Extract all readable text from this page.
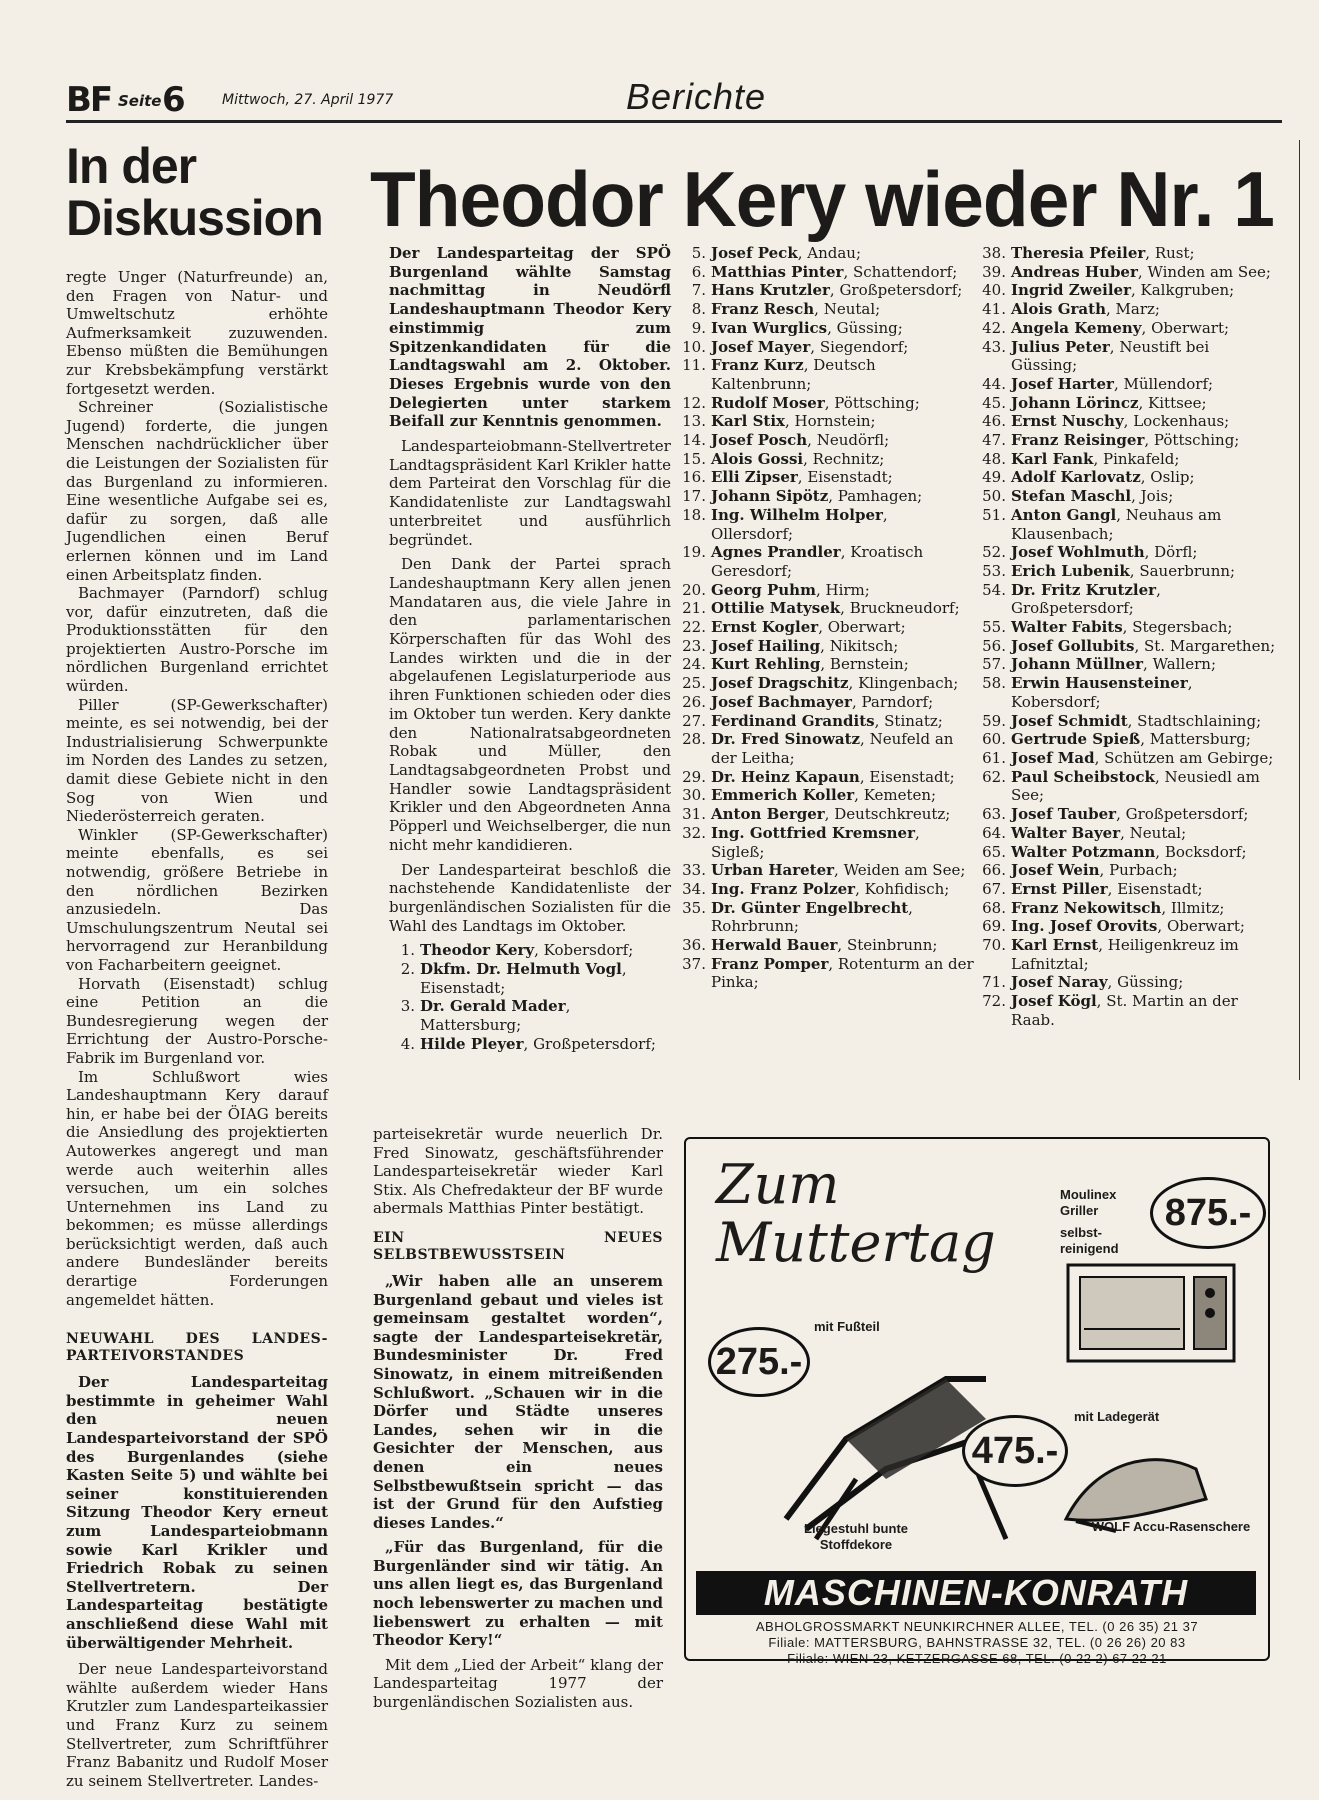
BF Seite 6	Mittwoch, 27. April 1977	Berichte
In der Diskussion

regte Unger (Naturfreunde) an, den Fragen von Natur- und Umweltschutz erhöhte Aufmerksamkeit zuzuwenden. Ebenso müßten die Bemühungen zur Krebsbekämpfung verstärkt fortgesetzt werden.

Schreiner (Sozialistische Jugend) forderte, die jungen Menschen nachdrücklicher über die Leistungen der Sozialisten für das Burgenland zu informieren. Eine wesentliche Aufgabe sei es, dafür zu sorgen, daß alle Jugendlichen einen Beruf erlernen können und im Land einen Arbeitsplatz finden.

Bachmayer (Parndorf) schlug vor, dafür einzutreten, daß die Produktionsstätten für den projektierten Austro-Porsche im nördlichen Burgenland errichtet würden.

Piller (SP-Gewerkschafter) meinte, es sei notwendig, bei der Industrialisierung Schwerpunkte im Norden des Landes zu setzen, damit diese Gebiete nicht in den Sog von Wien und Niederösterreich geraten.

Winkler (SP-Gewerkschafter) meinte ebenfalls, es sei notwendig, größere Betriebe in den nördlichen Bezirken anzusiedeln. Das Umschulungszentrum Neutal sei hervorragend zur Heranbildung von Facharbeitern geeignet.

Horvath (Eisenstadt) schlug eine Petition an die Bundesregierung wegen der Errichtung der Austro-Porsche-Fabrik im Burgenland vor.

Im Schlußwort wies Landeshauptmann Kery darauf hin, er habe bei der ÖIAG bereits die Ansiedlung des projektierten Autowerkes angeregt und man werde auch weiterhin alles versuchen, um ein solches Unternehmen ins Land zu bekommen; es müsse allerdings berücksichtigt werden, daß auch andere Bundesländer bereits derartige Forderungen angemeldet hätten.

NEUWAHL DES LANDES-PARTEIVORSTANDES

Der Landesparteitag bestimmte in geheimer Wahl den neuen Landesparteivorstand der SPÖ des Burgenlandes (siehe Kasten Seite 5) und wählte bei seiner konstituierenden Sitzung Theodor Kery erneut zum Landesparteiobmann sowie Karl Krikler und Friedrich Robak zu seinen Stellvertretern. Der Landesparteitag bestätigte anschließend diese Wahl mit überwältigender Mehrheit.

Der neue Landesparteivorstand wählte außerdem wieder Hans Krutzler zum Landesparteikassier und Franz Kurz zu seinem Stellvertreter, zum Schriftführer Franz Babanitz und Rudolf Moser zu seinem Stellvertreter. Landes-

Theodor Kery wieder Nr. 1

Der Landesparteitag der SPÖ Burgenland wählte Samstag nachmittag in Neudörfl Landeshauptmann Theodor Kery einstimmig zum Spitzenkandidaten für die Landtagswahl am 2. Oktober. Dieses Ergebnis wurde von den Delegierten unter starkem Beifall zur Kenntnis genommen.

Landesparteiobmann-Stellvertreter Landtagspräsident Karl Krikler hatte dem Parteirat den Vorschlag für die Kandidatenliste zur Landtagswahl unterbreitet und ausführlich begründet.

Den Dank der Partei sprach Landeshauptmann Kery allen jenen Mandataren aus, die viele Jahre in den parlamentarischen Körperschaften für das Wohl des Landes wirkten und die in der abgelaufenen Legislaturperiode aus ihren Funktionen schieden oder dies im Oktober tun werden. Kery dankte den Nationalratsabgeordneten Robak und Müller, den Landtagsabgeordneten Probst und Handler sowie Landtagspräsident Krikler und den Abgeordneten Anna Pöpperl und Weichselberger, die nun nicht mehr kandidieren.

Der Landesparteirat beschloß die nachstehende Kandidatenliste der burgenländischen Sozialisten für die Wahl des Landtags im Oktober.

1. Theodor Kery, Kobersdorf;
2. Dkfm. Dr. Helmuth Vogl, Eisenstadt;
3. Dr. Gerald Mader, Mattersburg;
4. Hilde Pleyer, Großpetersdorf;
5. Josef Peck, Andau;
6. Matthias Pinter, Schattendorf;
7. Hans Krutzler, Großpetersdorf;
8. Franz Resch, Neutal;
9. Ivan Wurglics, Güssing;
10. Josef Mayer, Siegendorf;
11. Franz Kurz, Deutsch Kaltenbrunn;
12. Rudolf Moser, Pöttsching;
13. Karl Stix, Hornstein;
14. Josef Posch, Neudörfl;
15. Alois Gossi, Rechnitz;
16. Elli Zipser, Eisenstadt;
17. Johann Sipötz, Pamhagen;
18. Ing. Wilhelm Holper, Ollersdorf;
19. Agnes Prandler, Kroatisch Geresdorf;
20. Georg Puhm, Hirm;
21. Ottilie Matysek, Bruckneudorf;
22. Ernst Kogler, Oberwart;
23. Josef Hailing, Nikitsch;
24. Kurt Rehling, Bernstein;
25. Josef Dragschitz, Klingenbach;
26. Josef Bachmayer, Parndorf;
27. Ferdinand Grandits, Stinatz;
28. Dr. Fred Sinowatz, Neufeld an der Leitha;
29. Dr. Heinz Kapaun, Eisenstadt;
30. Emmerich Koller, Kemeten;
31. Anton Berger, Deutschkreutz;
32. Ing. Gottfried Kremsner, Sigleß;
33. Urban Hareter, Weiden am See;
34. Ing. Franz Polzer, Kohfidisch;
35. Dr. Günter Engelbrecht, Rohrbrunn;
36. Herwald Bauer, Steinbrunn;
37. Franz Pomper, Rotenturm an der Pinka;
38. Theresia Pfeiler, Rust;
39. Andreas Huber, Winden am See;
40. Ingrid Zweiler, Kalkgruben;
41. Alois Grath, Marz;
42. Angela Kemeny, Oberwart;
43. Julius Peter, Neustift bei Güssing;
44. Josef Harter, Müllendorf;
45. Johann Lörincz, Kittsee;
46. Ernst Nuschy, Lockenhaus;
47. Franz Reisinger, Pöttsching;
48. Karl Fank, Pinkafeld;
49. Adolf Karlovatz, Oslip;
50. Stefan Maschl, Jois;
51. Anton Gangl, Neuhaus am Klausenbach;
52. Josef Wohlmuth, Dörfl;
53. Erich Lubenik, Sauerbrunn;
54. Dr. Fritz Krutzler, Großpetersdorf;
55. Walter Fabits, Stegersbach;
56. Josef Gollubits, St. Margarethen;
57. Johann Müllner, Wallern;
58. Erwin Hausensteiner, Kobersdorf;
59. Josef Schmidt, Stadtschlaining;
60. Gertrude Spieß, Mattersburg;
61. Josef Mad, Schützen am Gebirge;
62. Paul Scheibstock, Neusiedl am See;
63. Josef Tauber, Großpetersdorf;
64. Walter Bayer, Neutal;
65. Walter Potzmann, Bocksdorf;
66. Josef Wein, Purbach;
67. Ernst Piller, Eisenstadt;
68. Franz Nekowitsch, Illmitz;
69. Ing. Josef Orovits, Oberwart;
70. Karl Ernst, Heiligenkreuz im Lafnitztal;
71. Josef Naray, Güssing;
72. Josef Kögl, St. Martin an der Raab.

parteisekretär wurde neuerlich Dr. Fred Sinowatz, geschäftsführender Landesparteisekretär wieder Karl Stix. Als Chefredakteur der BF wurde abermals Matthias Pinter bestätigt.

EIN NEUES SELBSTBEWUSSTSEIN

„Wir haben alle an unserem Burgenland gebaut und vieles ist gemeinsam gestaltet worden“, sagte der Landesparteisekretär, Bundesminister Dr. Fred Sinowatz, in einem mitreißenden Schlußwort. „Schauen wir in die Dörfer und Städte unseres Landes, sehen wir in die Gesichter der Menschen, aus denen ein neues Selbstbewußtsein spricht — das ist der Grund für den Aufstieg dieses Landes.“

„Für das Burgenland, für die Burgenländer sind wir tätig. An uns allen liegt es, das Burgenland noch lebenswerter zu machen und liebenswert zu erhalten — mit Theodor Kery!“

Mit dem „Lied der Arbeit“ klang der Landesparteitag 1977 der burgenländischen Sozialisten aus.

Zum
Muttertag
Moulinex Griller
selbst-reinigend
875.-
275.-
mit Fußteil
Liegestuhl bunte Stoffdekore
475.-
mit Ladegerät
WOLF Accu-Rasenschere
MASCHINEN-KONRATH
ABHOLGROSSMARKT NEUNKIRCHNER ALLEE, TEL. (0 26 35) 21 37
Filiale: MATTERSBURG, BAHNSTRASSE 32, TEL. (0 26 26) 20 83
Filiale: WIEN 23, KETZERGASSE 68, TEL. (0 22 2) 67 22 21
